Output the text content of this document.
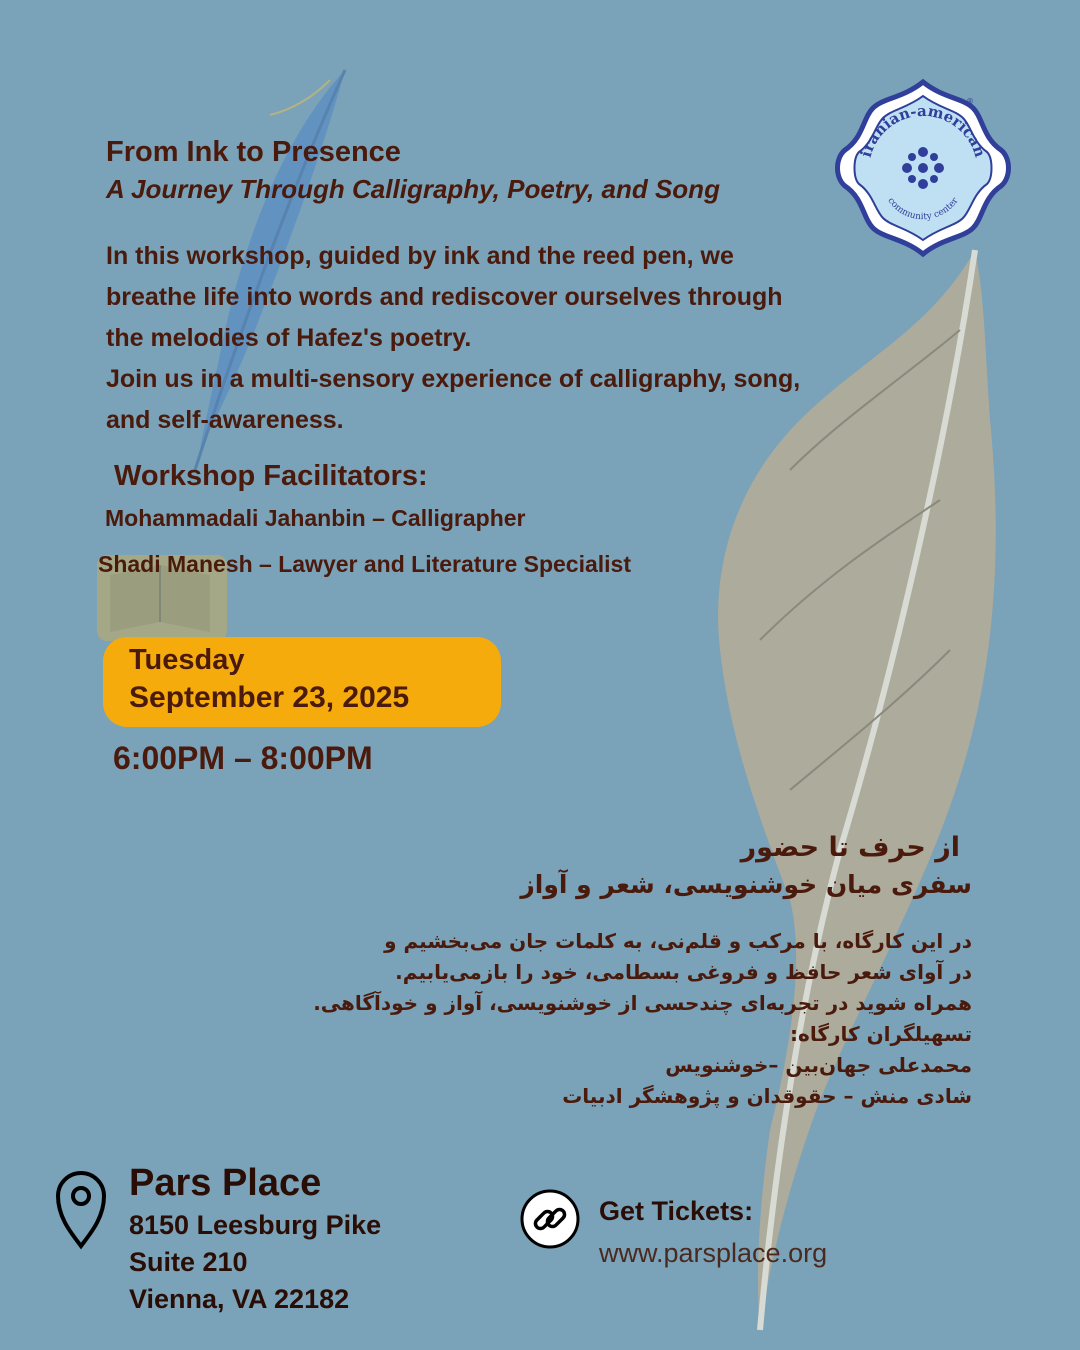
iranian-american
community center
®
From Ink to Presence
A Journey Through Calligraphy, Poetry, and Song
In this workshop, guided by ink and the reed pen, we
breathe life into words and rediscover ourselves through
the melodies of Hafez's poetry.
Join us in a multi-sensory experience of calligraphy, song,
and self-awareness.
Workshop Facilitators:
Mohammadali Jahanbin – Calligrapher
Shadi Manesh – Lawyer and Literature Specialist
Tuesday
September 23, 2025
6:00PM – 8:00PM
از حرف تا حضور
سفری میان خوشنویسی، شعر و آواز
در این کارگاه، با مرکب و قلم‌نی، به کلمات جان می‌بخشیم و
در آوای شعر حافظ و فروغی بسطامی، خود را بازمی‌یابیم.
همراه شوید در تجربه‌ای چندحسی از خوشنویسی، آواز و خودآگاهی.
تسهیلگران کارگاه:
محمدعلی جهان‌بین –خوشنویس
شادی منش – حقوقدان و پژوهشگر ادبیات
Pars Place
8150 Leesburg Pike
Suite 210
Vienna, VA 22182
Get Tickets:
www.parsplace.org
